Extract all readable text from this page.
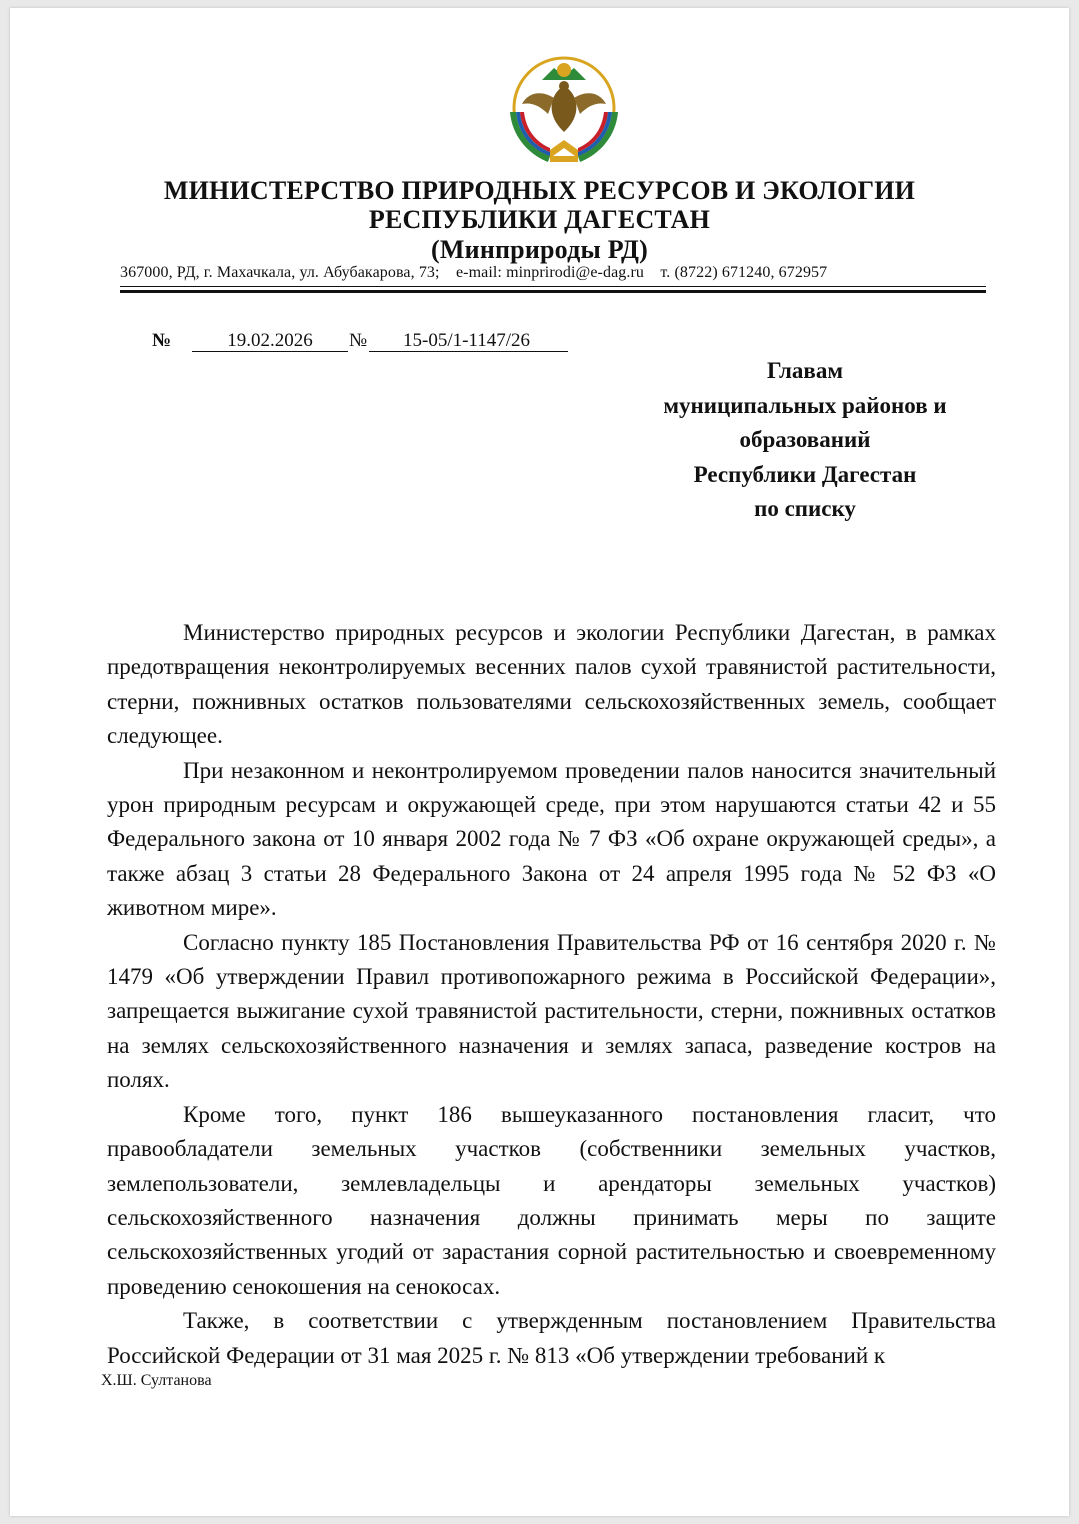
МИНИСТЕРСТВО ПРИРОДНЫХ РЕСУРСОВ И ЭКОЛОГИИ
РЕСПУБЛИКИ ДАГЕСТАН
(Минприроды РД)
367000, РД, г. Махачкала, ул. Абубакарова, 73;    e-mail: minprirodi@e-dag.ru    т. (8722) 671240, 672957
№	19.02.2026	№	15-05/1-1147/26
Главам
муниципальных районов и
образований
Республики Дагестан
по списку

Министерство природных ресурсов и экологии Республики Дагестан, в рамках предотвращения неконтролируемых весенних палов сухой травянистой растительности, стерни, пожнивных остатков пользователями сельскохозяйственных земель, сообщает следующее.

При незаконном и неконтролируемом проведении палов наносится значительный урон природным ресурсам и окружающей среде, при этом нарушаются статьи 42 и 55 Федерального закона от 10 января 2002 года № 7 ФЗ «Об охране окружающей среды», а также абзац 3 статьи 28 Федерального Закона от 24 апреля 1995 года № 52 ФЗ «О животном мире».

Согласно пункту 185 Постановления Правительства РФ от 16 сентября 2020 г. № 1479 «Об утверждении Правил противопожарного режима в Российской Федерации», запрещается выжигание сухой травянистой растительности, стерни, пожнивных остатков на землях сельскохозяйственного назначения и землях запаса, разведение костров на полях.

Кроме того, пункт 186 вышеуказанного постановления гласит, что правообладатели земельных участков (собственники земельных участков, землепользователи, землевладельцы и арендаторы земельных участков) сельскохозяйственного назначения должны принимать меры по защите сельскохозяйственных угодий от зарастания сорной растительностью и своевременному проведению сенокошения на сенокосах.

Также, в соответствии с утвержденным постановлением Правительства Российской Федерации от 31 мая 2025 г. № 813 «Об утверждении требований к

Х.Ш. Султанова
